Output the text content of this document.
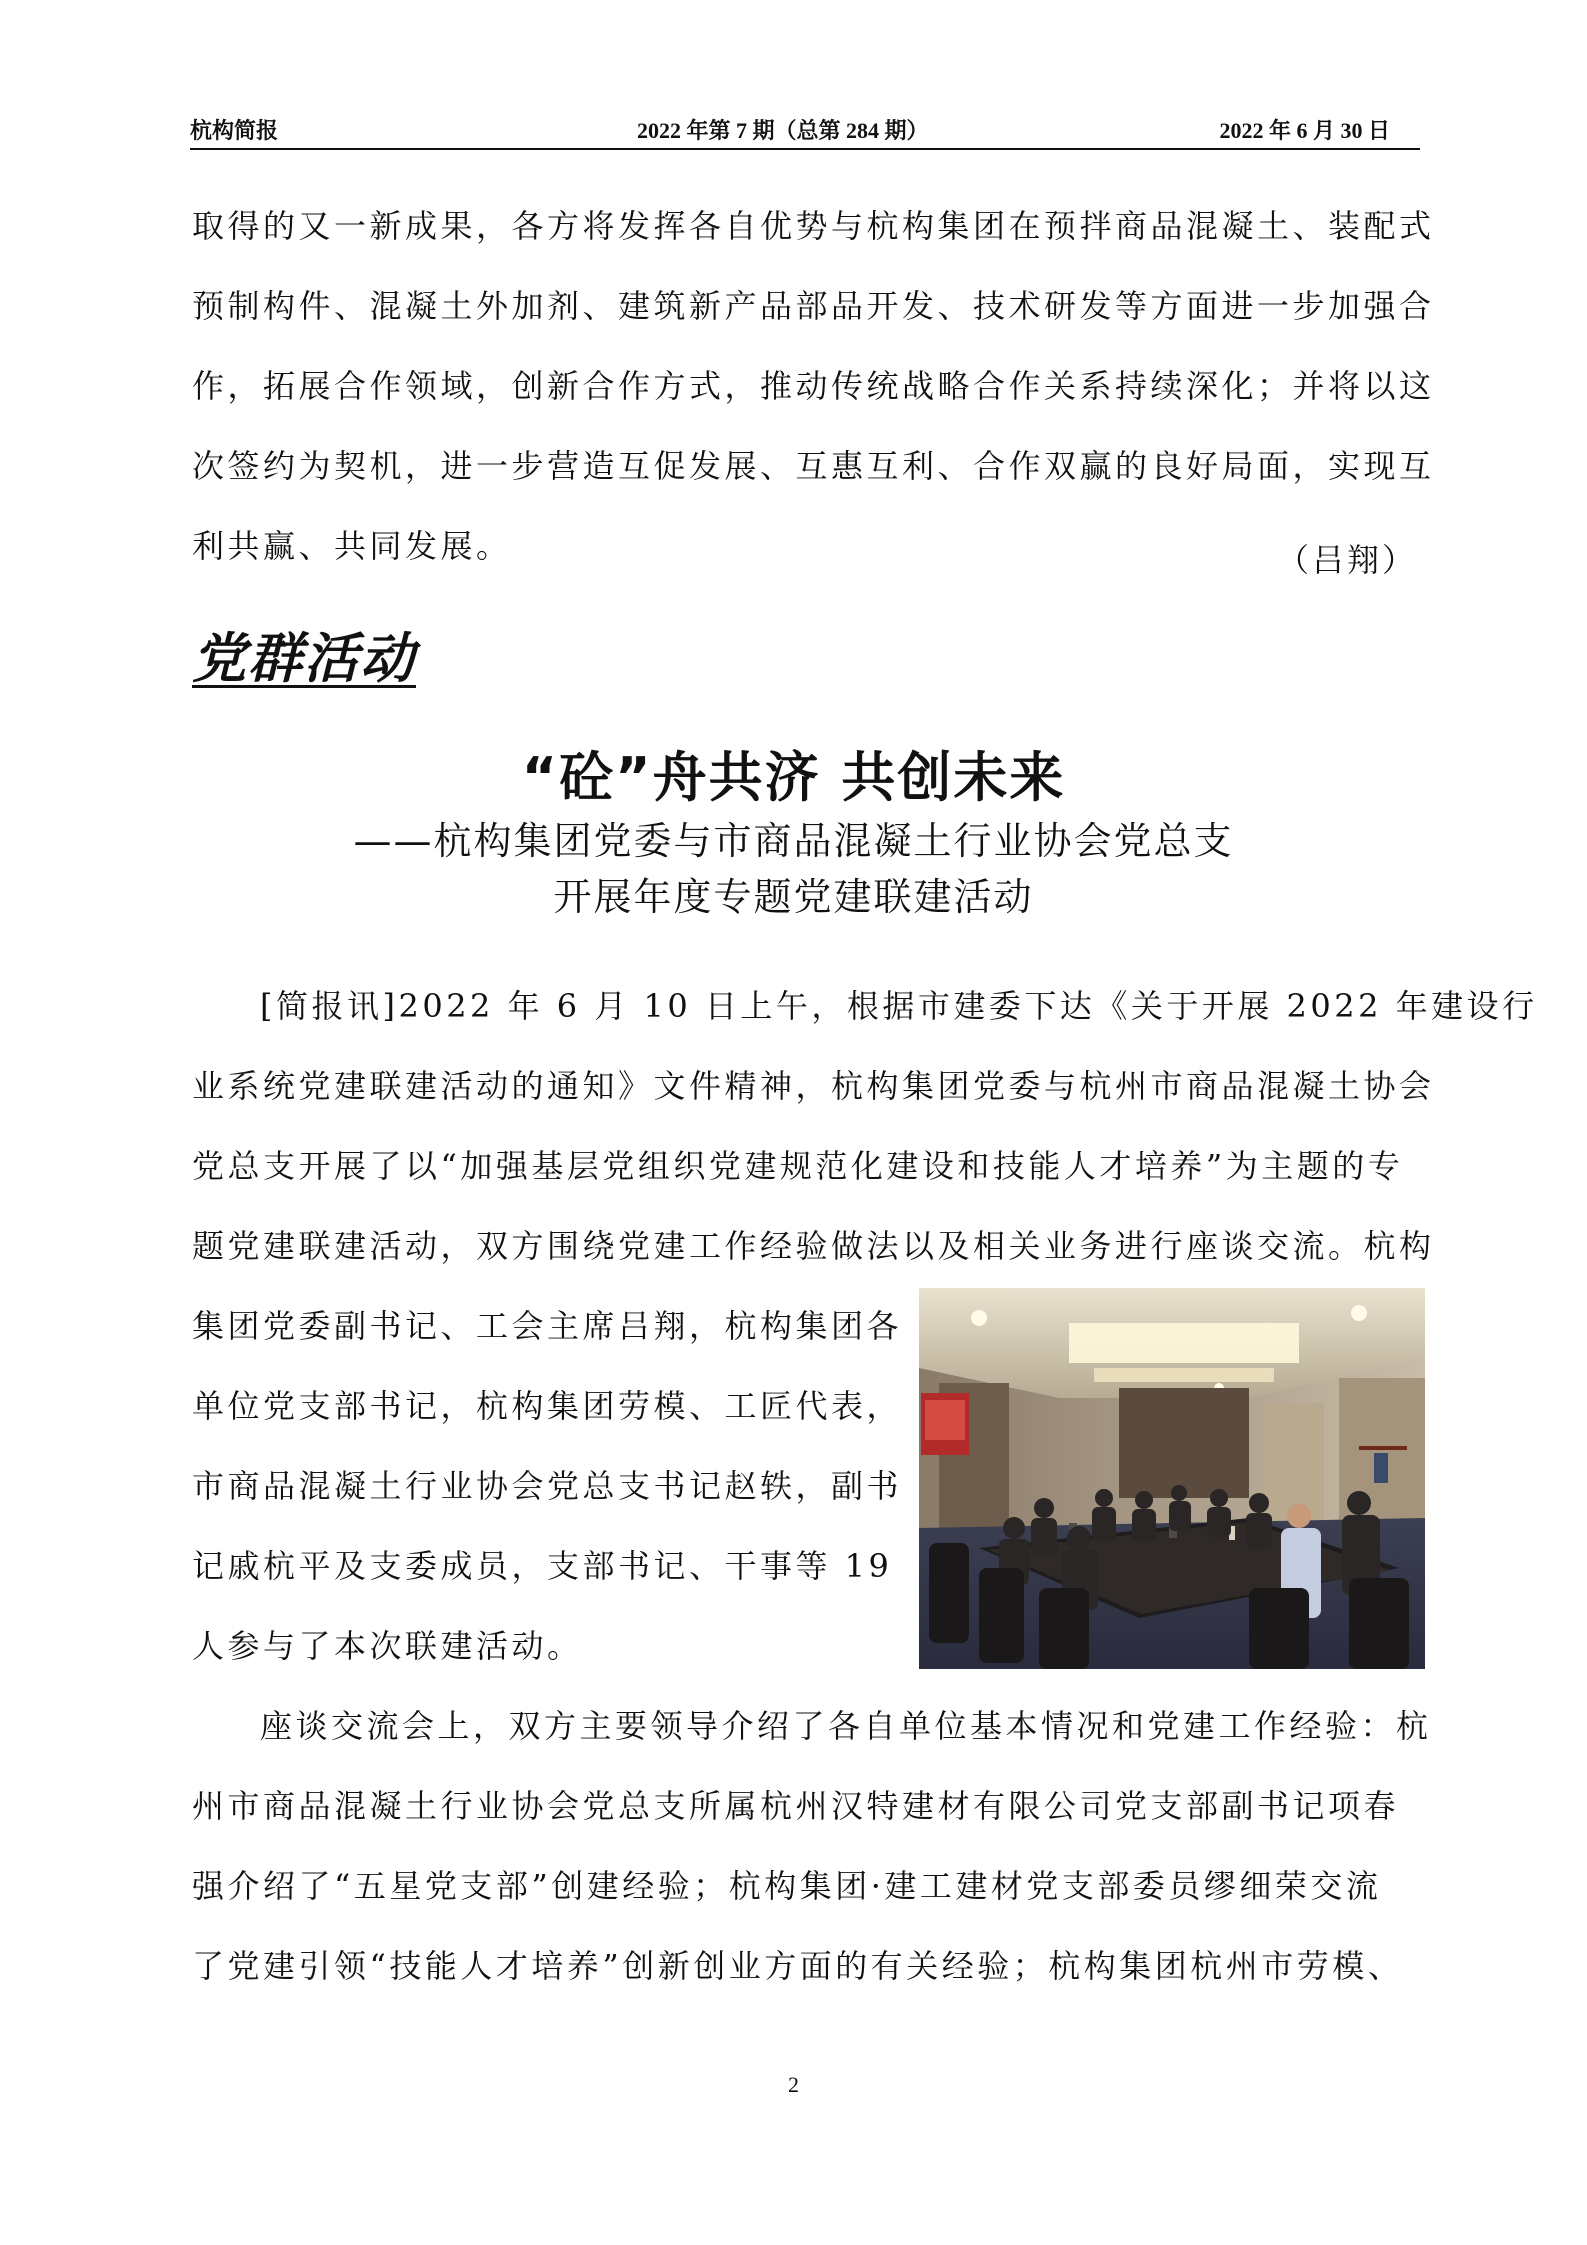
杭构简报	2022 年第 7 期（总第 284 期）	2022 年 6 月 30 日
取得的又一新成果，各方将发挥各自优势与杭构集团在预拌商品混凝土、装配式
预制构件、混凝土外加剂、建筑新产品部品开发、技术研发等方面进一步加强合
作，拓展合作领域，创新合作方式，推动传统战略合作关系持续深化；并将以这
次签约为契机，进一步营造互促发展、互惠互利、合作双赢的良好局面，实现互
利共赢、共同发展。	（吕翔）
党群活动
“砼”舟共济 共创未来
——杭构集团党委与市商品混凝土行业协会党总支
开展年度专题党建联建活动
[简报讯]2022 年 6 月 10 日上午，根据市建委下达《关于开展 2022 年建设行
业系统党建联建活动的通知》文件精神，杭构集团党委与杭州市商品混凝土协会
党总支开展了以“加强基层党组织党建规范化建设和技能人才培养”为主题的专
题党建联建活动，双方围绕党建工作经验做法以及相关业务进行座谈交流。杭构
集团党委副书记、工会主席吕翔，杭构集团各
单位党支部书记，杭构集团劳模、工匠代表，
市商品混凝土行业协会党总支书记赵轶，副书
记戚杭平及支委成员，支部书记、干事等 19
人参与了本次联建活动。
座谈交流会上，双方主要领导介绍了各自单位基本情况和党建工作经验：杭
州市商品混凝土行业协会党总支所属杭州汉特建材有限公司党支部副书记项春
强介绍了“五星党支部”创建经验；杭构集团·建工建材党支部委员缪细荣交流
了党建引领“技能人才培养”创新创业方面的有关经验；杭构集团杭州市劳模、
2
